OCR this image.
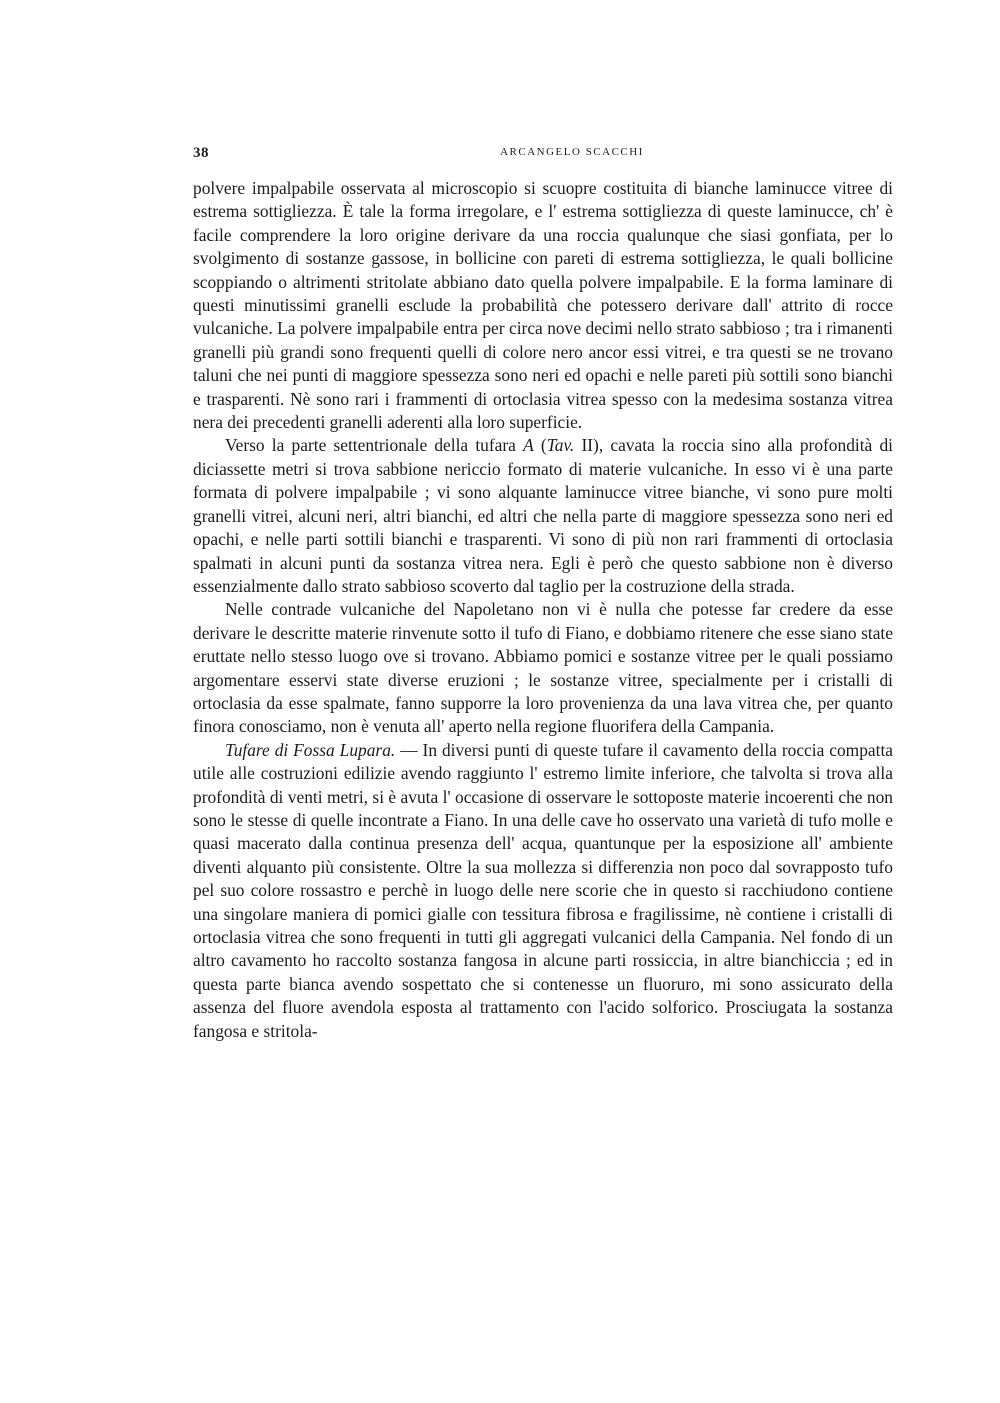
38	ARCANGELO SCACCHI

polvere impalpabile osservata al microscopio si scuopre costituita di bianche laminucce vitree di estrema sottigliezza. È tale la forma irregolare, e l' estrema sottigliezza di queste laminucce, ch' è facile comprendere la loro origine derivare da una roccia qualunque che siasi gonfiata, per lo svolgimento di sostanze gassose, in bollicine con pareti di estrema sottigliezza, le quali bollicine scoppiando o altrimenti stritolate abbiano dato quella polvere impalpabile. E la forma laminare di questi minutissimi granelli esclude la probabilità che potessero derivare dall' attrito di rocce vulcaniche. La polvere impalpabile entra per circa nove decimi nello strato sabbioso ; tra i rimanenti granelli più grandi sono frequenti quelli di colore nero ancor essi vitrei, e tra questi se ne trovano taluni che nei punti di maggiore spessezza sono neri ed opachi e nelle pareti più sottili sono bianchi e trasparenti. Nè sono rari i frammenti di ortoclasia vitrea spesso con la medesima sostanza vitrea nera dei precedenti granelli aderenti alla loro superficie.

Verso la parte settentrionale della tufara A (Tav. II), cavata la roccia sino alla profondità di diciassette metri si trova sabbione nericcio formato di materie vulcaniche. In esso vi è una parte formata di polvere impalpabile ; vi sono alquante laminucce vitree bianche, vi sono pure molti granelli vitrei, alcuni neri, altri bianchi, ed altri che nella parte di maggiore spessezza sono neri ed opachi, e nelle parti sottili bianchi e trasparenti. Vi sono di più non rari frammenti di ortoclasia spalmati in alcuni punti da sostanza vitrea nera. Egli è però che questo sabbione non è diverso essenzialmente dallo strato sabbioso scoverto dal taglio per la costruzione della strada.

Nelle contrade vulcaniche del Napoletano non vi è nulla che potesse far credere da esse derivare le descritte materie rinvenute sotto il tufo di Fiano, e dobbiamo ritenere che esse siano state eruttate nello stesso luogo ove si trovano. Abbiamo pomici e sostanze vitree per le quali possiamo argomentare esservi state diverse eruzioni ; le sostanze vitree, specialmente per i cristalli di ortoclasia da esse spalmate, fanno supporre la loro provenienza da una lava vitrea che, per quanto finora conosciamo, non è venuta all' aperto nella regione fluorifera della Campania.

Tufare di Fossa Lupara. — In diversi punti di queste tufare il cavamento della roccia compatta utile alle costruzioni edilizie avendo raggiunto l' estremo limite inferiore, che talvolta si trova alla profondità di venti metri, si è avuta l' occasione di osservare le sottoposte materie incoerenti che non sono le stesse di quelle incontrate a Fiano. In una delle cave ho osservato una varietà di tufo molle e quasi macerato dalla continua presenza dell' acqua, quantunque per la esposizione all' ambiente diventi alquanto più consistente. Oltre la sua mollezza si differenzia non poco dal sovrapposto tufo pel suo colore rossastro e perchè in luogo delle nere scorie che in questo si racchiudono contiene una singolare maniera di pomici gialle con tessitura fibrosa e fragilissime, nè contiene i cristalli di ortoclasia vitrea che sono frequenti in tutti gli aggregati vulcanici della Campania. Nel fondo di un altro cavamento ho raccolto sostanza fangosa in alcune parti rossiccia, in altre bianchiccia ; ed in questa parte bianca avendo sospettato che si contenesse un fluoruro, mi sono assicurato della assenza del fluore avendola esposta al trattamento con l'acido solforico. Prosciugata la sostanza fangosa e stritola-
